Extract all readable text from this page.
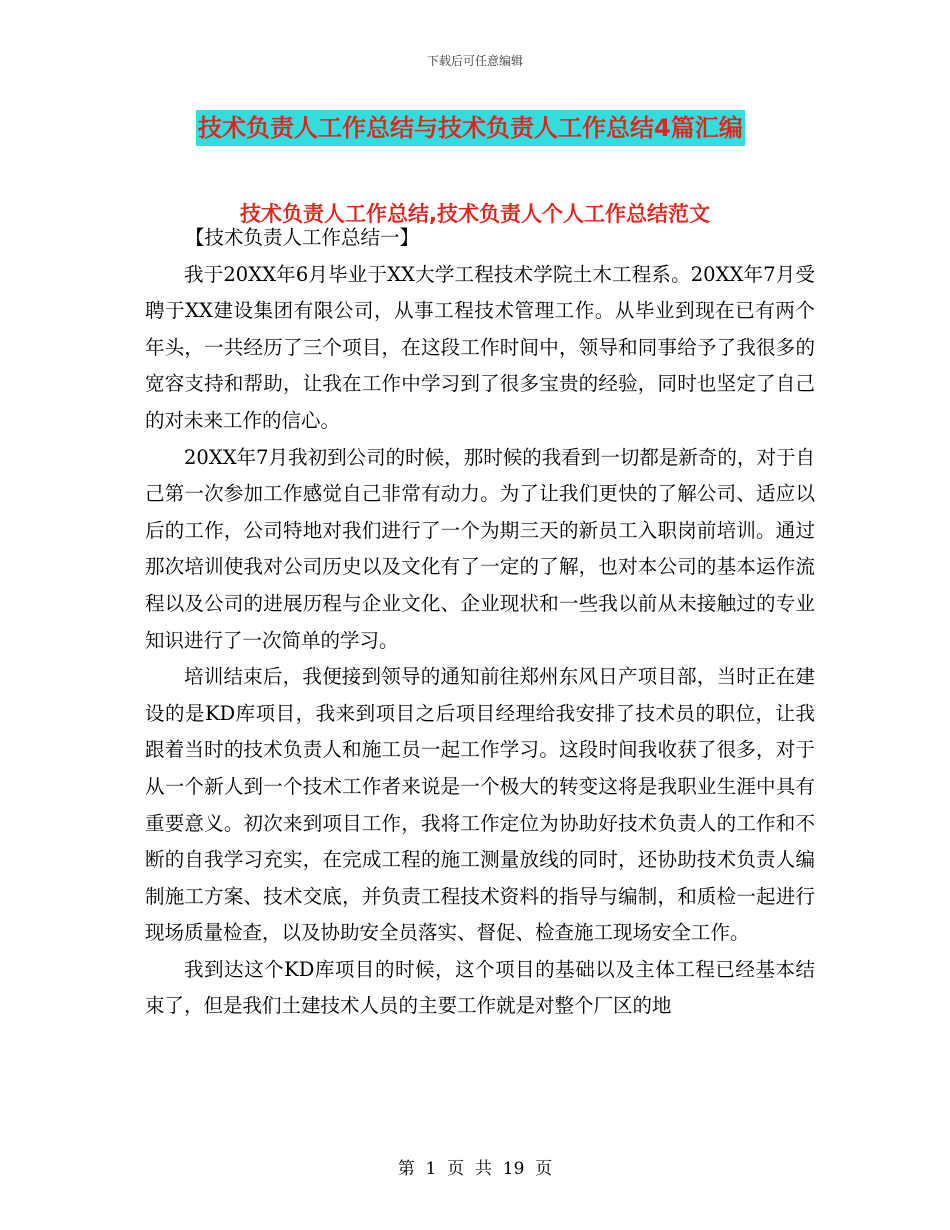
下载后可任意编辑
技术负责人工作总结与技术负责人工作总结4篇汇编
技术负责人工作总结,技术负责人个人工作总结范文

【技术负责人工作总结一】

我于20XX年6月毕业于XX大学工程技术学院土木工程系。20XX年7月受聘于XX建设集团有限公司，从事工程技术管理工作。从毕业到现在已有两个年头，一共经历了三个项目，在这段工作时间中，领导和同事给予了我很多的宽容支持和帮助，让我在工作中学习到了很多宝贵的经验，同时也坚定了自己的对未来工作的信心。

20XX年7月我初到公司的时候，那时候的我看到一切都是新奇的，对于自己第一次参加工作感觉自己非常有动力。为了让我们更快的了解公司、适应以后的工作，公司特地对我们进行了一个为期三天的新员工入职岗前培训。通过那次培训使我对公司历史以及文化有了一定的了解，也对本公司的基本运作流程以及公司的进展历程与企业文化、企业现状和一些我以前从未接触过的专业知识进行了一次简单的学习。

培训结束后，我便接到领导的通知前往郑州东风日产项目部，当时正在建设的是KD库项目，我来到项目之后项目经理给我安排了技术员的职位，让我跟着当时的技术负责人和施工员一起工作学习。这段时间我收获了很多，对于从一个新人到一个技术工作者来说是一个极大的转变这将是我职业生涯中具有重要意义。初次来到项目工作，我将工作定位为协助好技术负责人的工作和不断的自我学习充实，在完成工程的施工测量放线的同时，还协助技术负责人编制施工方案、技术交底，并负责工程技术资料的指导与编制，和质检一起进行现场质量检查，以及协助安全员落实、督促、检查施工现场安全工作。

我到达这个KD库项目的时候，这个项目的基础以及主体工程已经基本结束了，但是我们土建技术人员的主要工作就是对整个厂区的地

第  1  页  共  19  页
